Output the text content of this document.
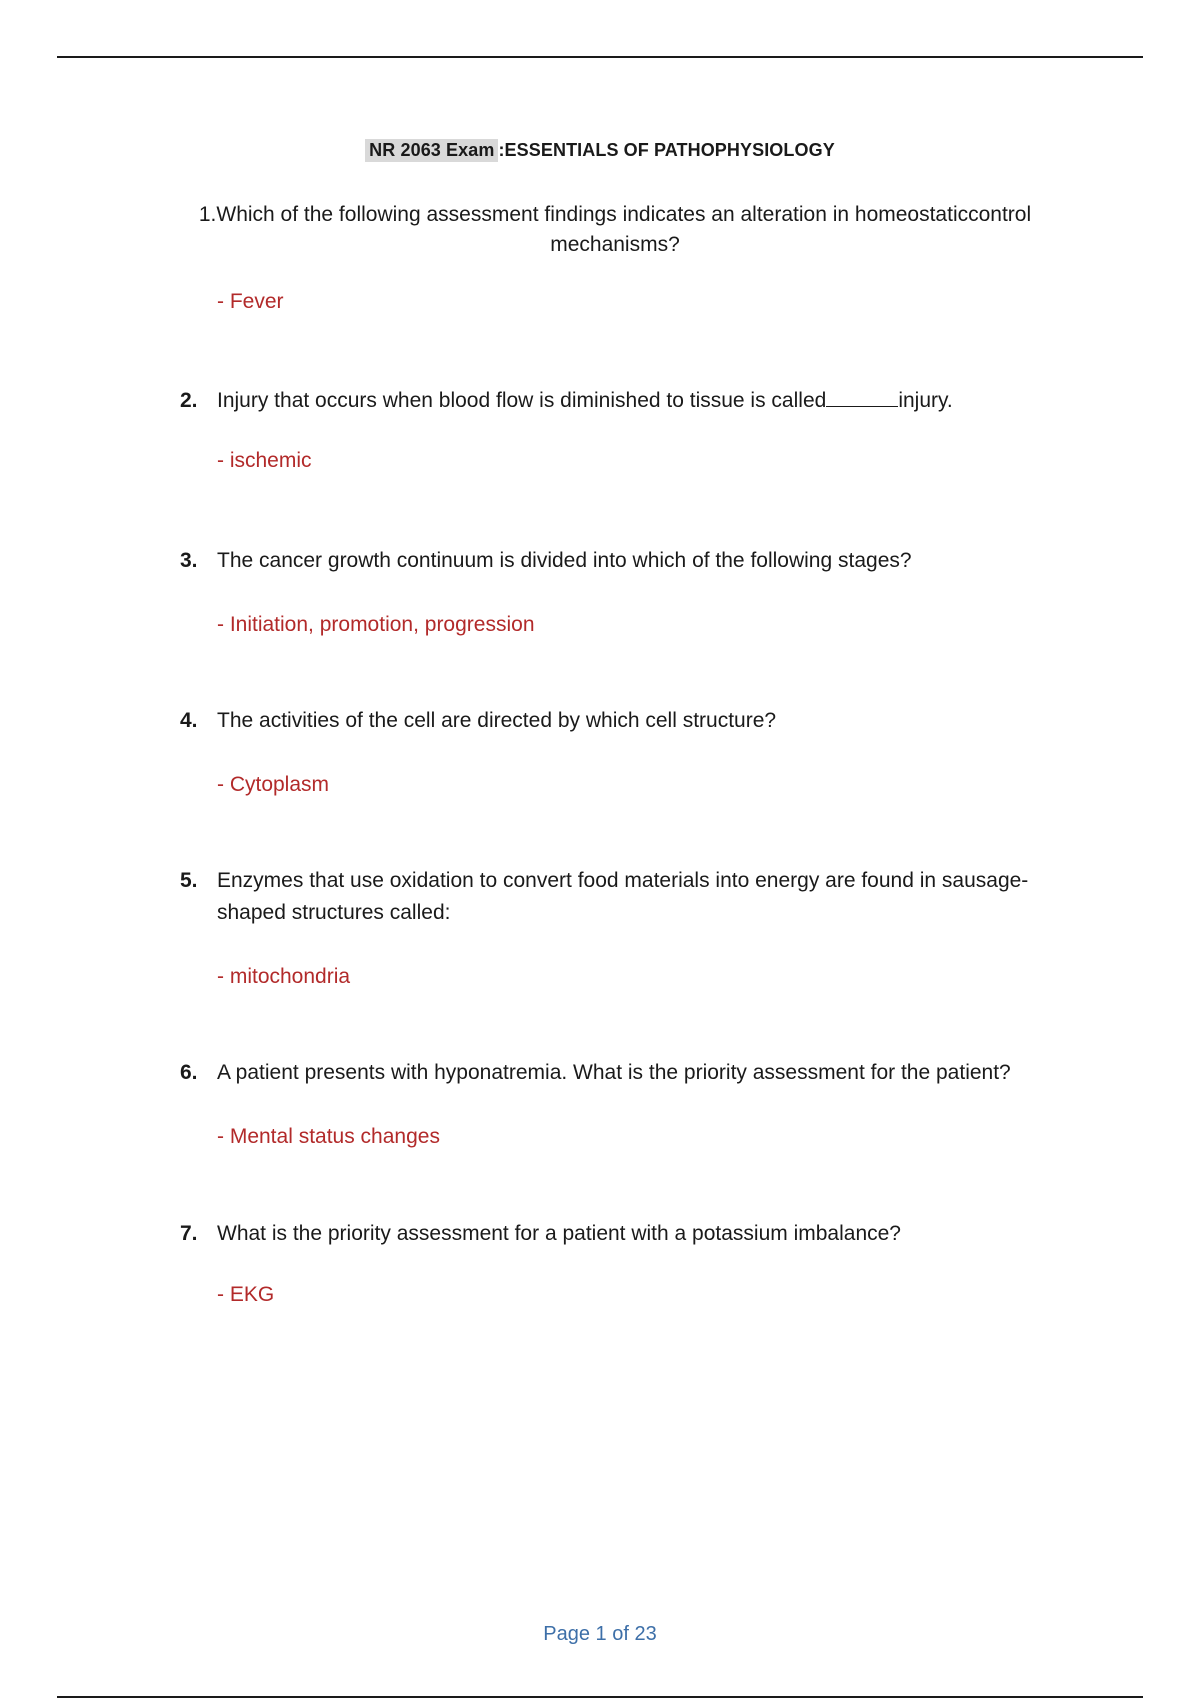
NR 2063 Exam :ESSENTIALS OF PATHOPHYSIOLOGY
1.Which of the following assessment findings indicates an alteration in homeostaticcontrol mechanisms?
- Fever
2. Injury that occurs when blood flow is diminished to tissue is called	injury.
- ischemic
3. The cancer growth continuum is divided into which of the following stages?
- Initiation, promotion, progression
4. The activities of the cell are directed by which cell structure?
- Cytoplasm
5. Enzymes that use oxidation to convert food materials into energy are found in sausage-shaped structures called:
- mitochondria
6. A patient presents with hyponatremia. What is the priority assessment for the patient?
- Mental status changes
7. What is the priority assessment for a patient with a potassium imbalance?
- EKG
Page 1 of 23
